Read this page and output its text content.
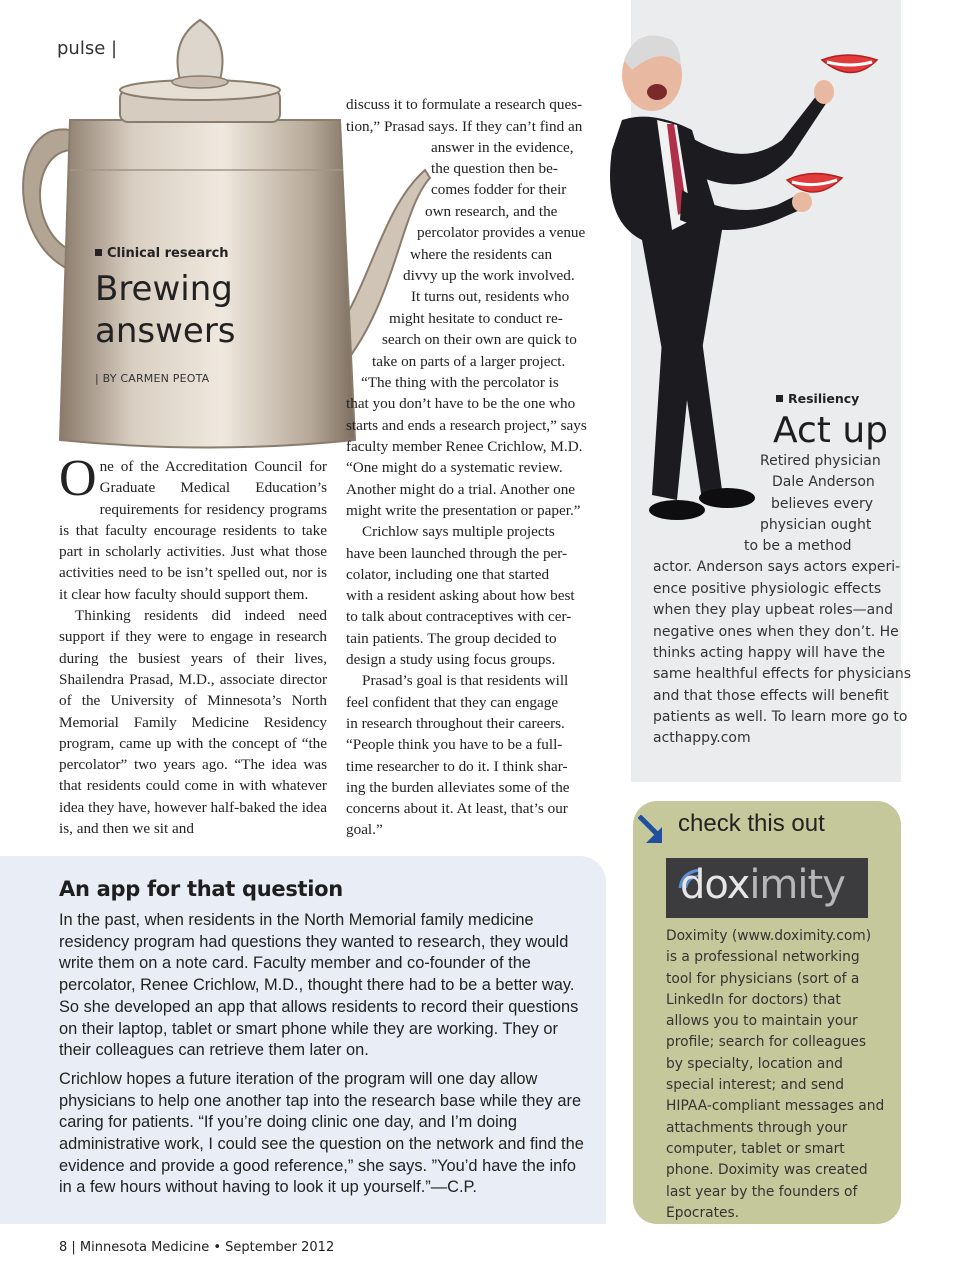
pulse |
Clinical research
Brewing
answers
| BY CARMEN PEOTA

One of the Accreditation Council for Graduate Medical Education’s requirements for residency programs is that faculty encourage residents to take part in scholarly activities. Just what those activities need to be isn’t spelled out, nor is it clear how faculty should support them.

Thinking residents did indeed need support if they were to engage in research during the busiest years of their lives, Shailendra Prasad, M.D., associate director of the University of Minnesota’s North Memorial Family Medicine Residency program, came up with the concept of “the percolator” two years ago. “The idea was that residents could come in with whatever idea they have, however half-baked the idea is, and then we sit and

discuss it to formulate a research ques-
tion,” Prasad says. If they can’t find an
answer in the evidence,
the question then be-
comes fodder for their
own research, and the
percolator provides a venue
where the residents can
divvy up the work involved.
It turns out, residents who
might hesitate to conduct re-
search on their own are quick to
take on parts of a larger project.
“The thing with the percolator is
that you don’t have to be the one who
starts and ends a research project,” says
faculty member Renee Crichlow, M.D.
“One might do a systematic review.
Another might do a trial. Another one
might write the presentation or paper.”
Crichlow says multiple projects
have been launched through the per-
colator, including one that started
with a resident asking about how best
to talk about contraceptives with cer-
tain patients. The group decided to
design a study using focus groups.
Prasad’s goal is that residents will
feel confident that they can engage
in research throughout their careers.
“People think you have to be a full-
time researcher to do it. I think shar-
ing the burden alleviates some of the
concerns about it. At least, that’s our
goal.”
Resiliency
Act up
Retired physician
Dale Anderson
believes every
physician ought
to be a method
actor. Anderson says actors experi-
ence positive physiologic effects
when they play upbeat roles—and
negative ones when they don’t. He
thinks acting happy will have the
same healthful effects for physicians
and that those effects will benefit
patients as well. To learn more go to
acthappy.com
An app for that question

In the past, when residents in the North Memorial family medicine residency program had questions they wanted to research, they would write them on a note card. Faculty member and co-founder of the percolator, Renee Crichlow, M.D., thought there had to be a better way. So she developed an app that allows residents to record their questions on their laptop, tablet or smart phone while they are working. They or their colleagues can retrieve them later on.

Crichlow hopes a future iteration of the program will one day allow physicians to help one another tap into the research base while they are caring for patients. “If you’re doing clinic one day, and I’m doing administrative work, I could see the question on the network and find the evidence and provide a good reference,” she says. ”You’d have the info in a few hours without having to look it up yourself.”—C.P.

check this out
doximity
Doximity (www.doximity.com) is a professional networking tool for physicians (sort of a LinkedIn for doctors) that allows you to maintain your profile; search for colleagues by specialty, location and special interest; and send HIPAA-compliant messages and attachments through your computer, tablet or smart phone. Doximity was created last year by the founders of Epocrates.
8 | Minnesota Medicine • September 2012
